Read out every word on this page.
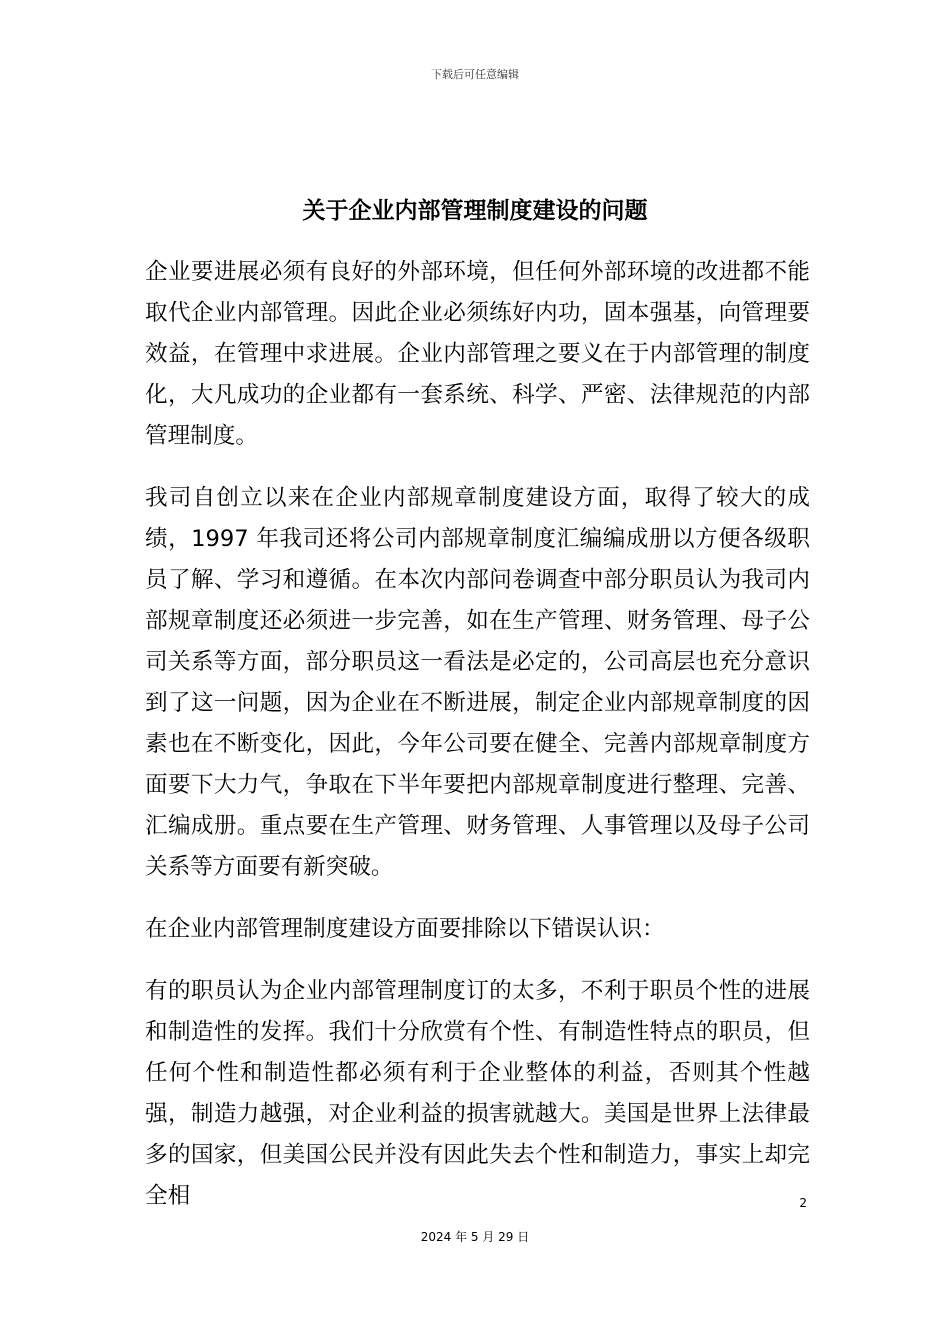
下载后可任意编辑
关于企业内部管理制度建设的问题

企业要进展必须有良好的外部环境，但任何外部环境的改进都不能取代企业内部管理。因此企业必须练好内功，固本强基，向管理要效益，在管理中求进展。企业内部管理之要义在于内部管理的制度化，大凡成功的企业都有一套系统、科学、严密、法律规范的内部管理制度。

我司自创立以来在企业内部规章制度建设方面，取得了较大的成绩，1997 年我司还将公司内部规章制度汇编编成册以方便各级职员了解、学习和遵循。在本次内部问卷调查中部分职员认为我司内部规章制度还必须进一步完善，如在生产管理、财务管理、母子公司关系等方面，部分职员这一看法是必定的，公司高层也充分意识到了这一问题，因为企业在不断进展，制定企业内部规章制度的因素也在不断变化，因此，今年公司要在健全、完善内部规章制度方面要下大力气，争取在下半年要把内部规章制度进行整理、完善、汇编成册。重点要在生产管理、财务管理、人事管理以及母子公司关系等方面要有新突破。

在企业内部管理制度建设方面要排除以下错误认识：

有的职员认为企业内部管理制度订的太多，不利于职员个性的进展和制造性的发挥。我们十分欣赏有个性、有制造性特点的职员，但任何个性和制造性都必须有利于企业整体的利益，否则其个性越强，制造力越强，对企业利益的损害就越大。美国是世界上法律最多的国家，但美国公民并没有因此失去个性和制造力，事实上却完全相	2
2024 年 5 月 29 日
